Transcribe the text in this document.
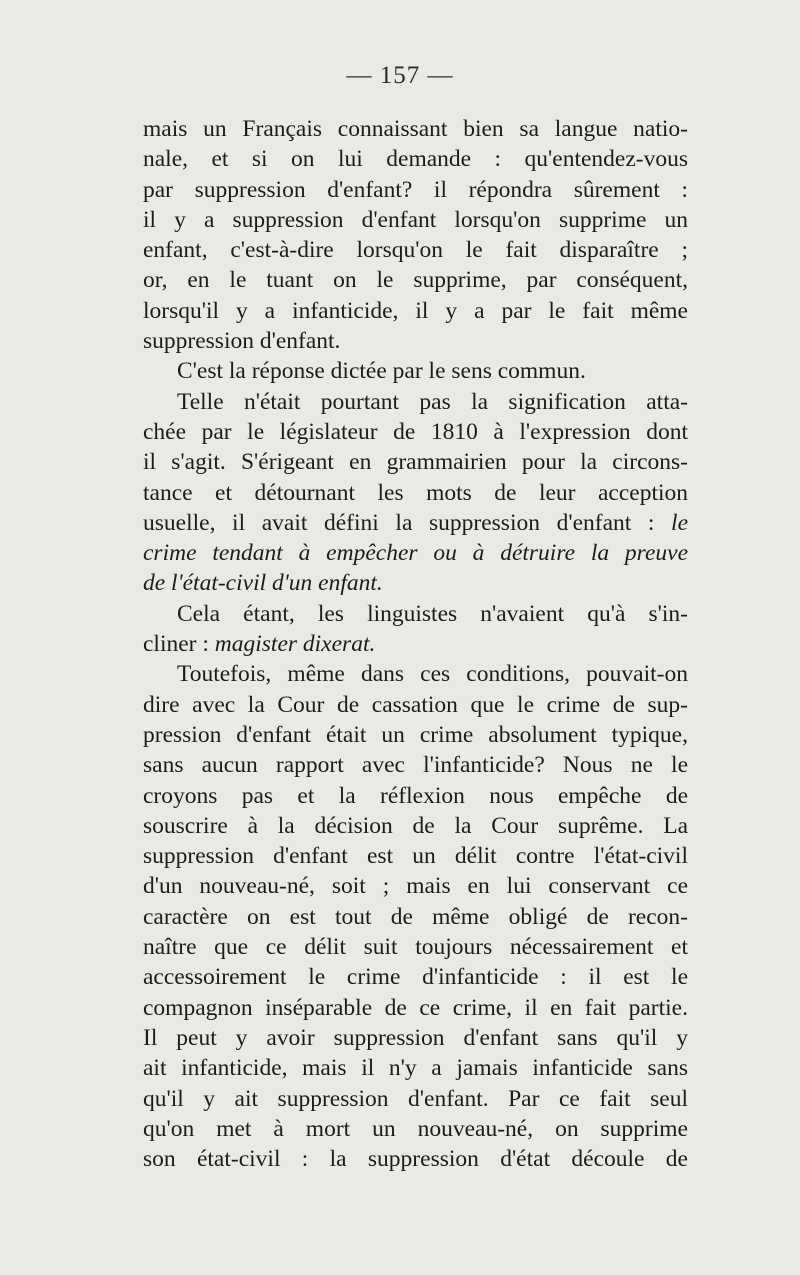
— 157 —
mais un Français connaissant bien sa langue natio-
nale, et si on lui demande : qu'entendez-vous
par suppression d'enfant? il répondra sûrement :
il y a suppression d'enfant lorsqu'on supprime un
enfant, c'est-à-dire lorsqu'on le fait disparaître ;
or, en le tuant on le supprime, par conséquent,
lorsqu'il y a infanticide, il y a par le fait même
suppression d'enfant.
C'est la réponse dictée par le sens commun.
Telle n'était pourtant pas la signification atta-
chée par le législateur de 1810 à l'expression dont
il s'agit. S'érigeant en grammairien pour la circons-
tance et détournant les mots de leur acception
usuelle, il avait défini la suppression d'enfant : le
crime tendant à empêcher ou à détruire la preuve
de l'état-civil d'un enfant.
Cela étant, les linguistes n'avaient qu'à s'in-
cliner : magister dixerat.
Toutefois, même dans ces conditions, pouvait-on
dire avec la Cour de cassation que le crime de sup-
pression d'enfant était un crime absolument typique,
sans aucun rapport avec l'infanticide? Nous ne le
croyons pas et la réflexion nous empêche de
souscrire à la décision de la Cour suprême. La
suppression d'enfant est un délit contre l'état-civil
d'un nouveau-né, soit ; mais en lui conservant ce
caractère on est tout de même obligé de recon-
naître que ce délit suit toujours nécessairement et
accessoirement le crime d'infanticide : il est le
compagnon inséparable de ce crime, il en fait partie.
Il peut y avoir suppression d'enfant sans qu'il y
ait infanticide, mais il n'y a jamais infanticide sans
qu'il y ait suppression d'enfant. Par ce fait seul
qu'on met à mort un nouveau-né, on supprime
son état-civil : la suppression d'état découle de
